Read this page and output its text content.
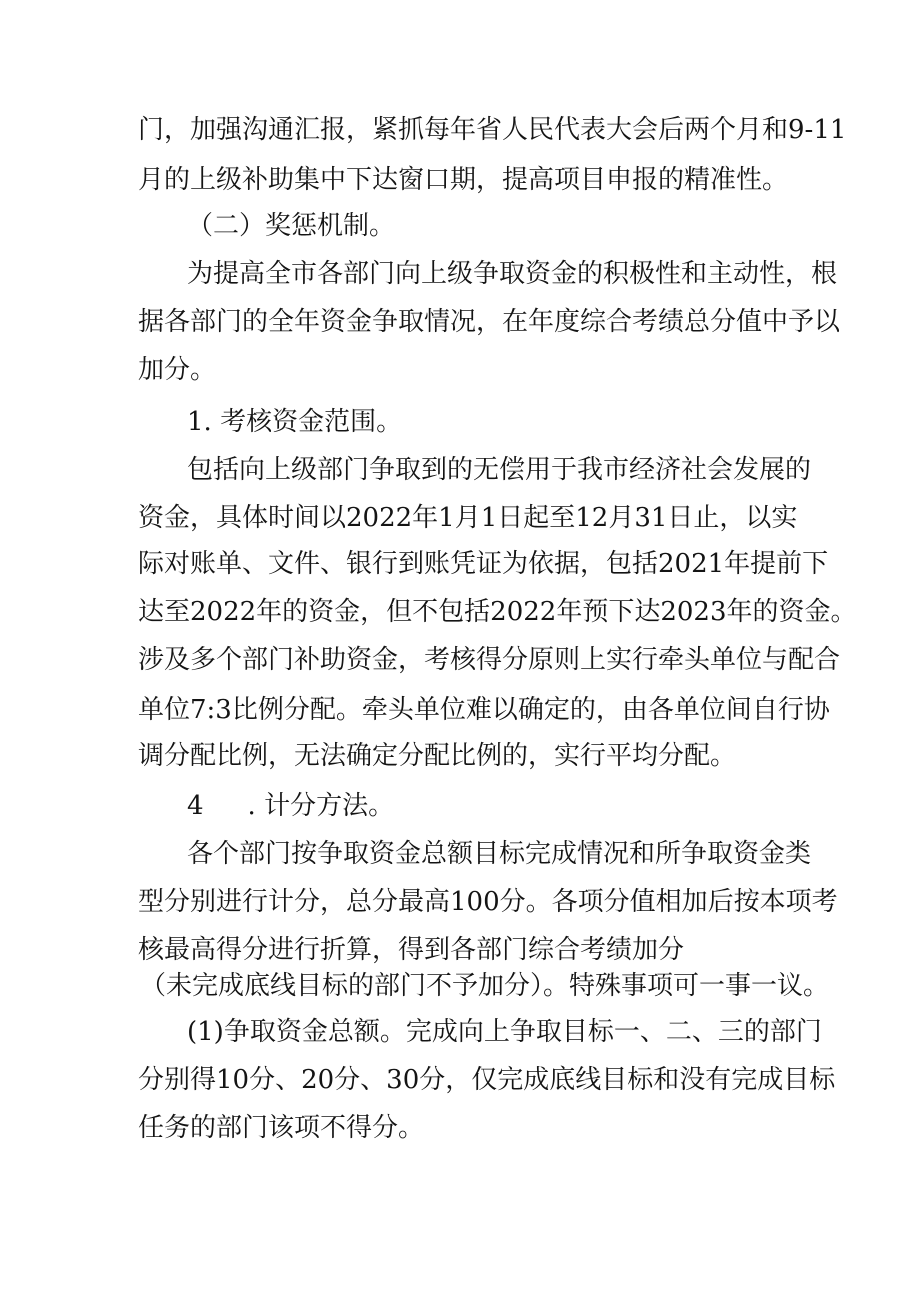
门，加强沟通汇报，紧抓每年省人民代表大会后两个月和9-11
月的上级补助集中下达窗口期，提高项目申报的精准性。
（二）奖惩机制。
为提高全市各部门向上级争取资金的积极性和主动性，根
据各部门的全年资金争取情况，在年度综合考绩总分值中予以
加分。
1. 考核资金范围。
包括向上级部门争取到的无偿用于我市经济社会发展的
资金，具体时间以2022年1月1日起至12月31日止，以实
际对账单、文件、银行到账凭证为依据，包括2021年提前下
达至2022年的资金，但不包括2022年预下达2023年的资金。
涉及多个部门补助资金，考核得分原则上实行牵头单位与配合
单位7:3比例分配。牵头单位难以确定的，由各单位间自行协
调分配比例，无法确定分配比例的，实行平均分配。
4 . 计分方法。
各个部门按争取资金总额目标完成情况和所争取资金类
型分别进行计分，总分最高100分。各项分值相加后按本项考
核最高得分进行折算，得到各部门综合考绩加分
（未完成底线目标的部门不予加分）。特殊事项可一事一议。
(1)争取资金总额。完成向上争取目标一、二、三的部门
分别得10分、20分、30分，仅完成底线目标和没有完成目标
任务的部门该项不得分。
